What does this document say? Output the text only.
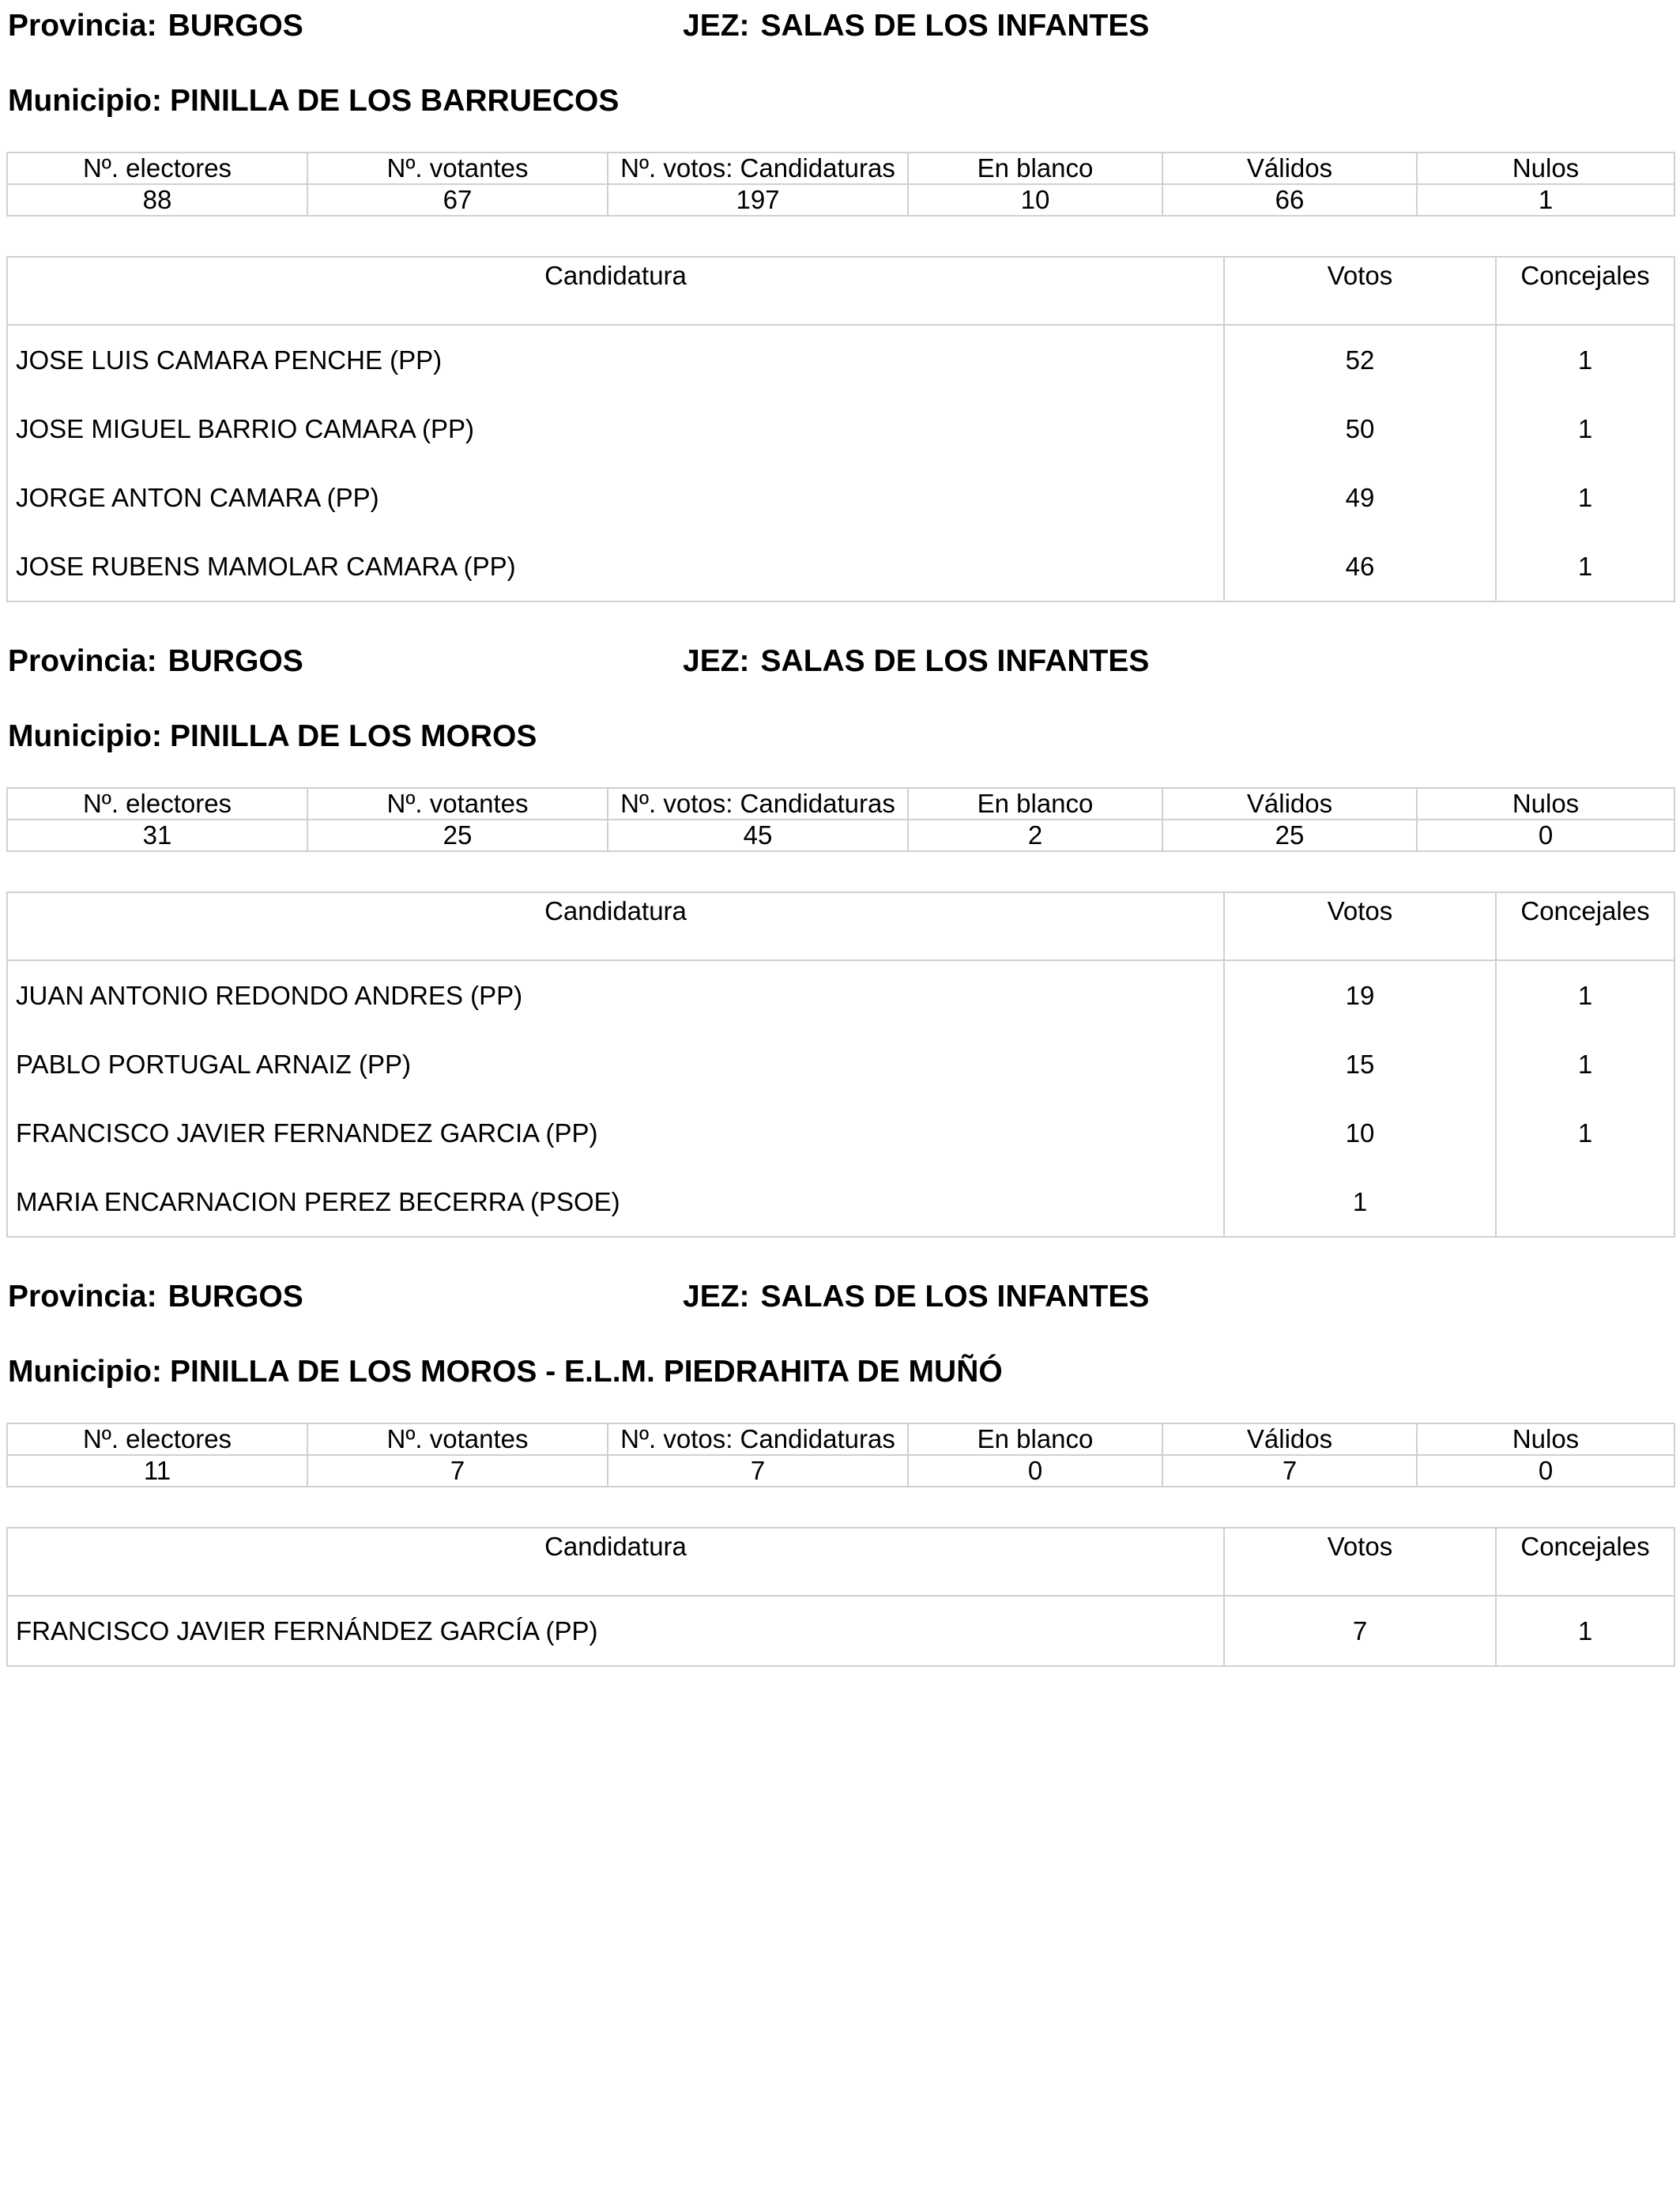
Provincia: BURGOS	JEZ: SALAS DE LOS INFANTES
Municipio: PINILLA DE LOS BARRUECOS
Nº. electores	Nº. votantes	Nº. votos: Candidaturas	En blanco	Válidos	Nulos
88	67	197	10	66	1
Candidatura	Votos	Concejales
JOSE LUIS CAMARA PENCHE (PP)	52	1
JOSE MIGUEL BARRIO CAMARA (PP)	50	1
JORGE ANTON CAMARA (PP)	49	1
JOSE RUBENS MAMOLAR CAMARA (PP)	46	1
Provincia: BURGOS	JEZ: SALAS DE LOS INFANTES
Municipio: PINILLA DE LOS MOROS
Nº. electores	Nº. votantes	Nº. votos: Candidaturas	En blanco	Válidos	Nulos
31	25	45	2	25	0
Candidatura	Votos	Concejales
JUAN ANTONIO REDONDO ANDRES (PP)	19	1
PABLO PORTUGAL ARNAIZ (PP)	15	1
FRANCISCO JAVIER FERNANDEZ GARCIA (PP)	10	1
MARIA ENCARNACION PEREZ BECERRA (PSOE)	1	
Provincia: BURGOS	JEZ: SALAS DE LOS INFANTES
Municipio: PINILLA DE LOS MOROS - E.L.M. PIEDRAHITA DE MUÑÓ
Nº. electores	Nº. votantes	Nº. votos: Candidaturas	En blanco	Válidos	Nulos
11	7	7	0	7	0
Candidatura	Votos	Concejales
FRANCISCO JAVIER FERNÁNDEZ GARCÍA (PP)	7	1
